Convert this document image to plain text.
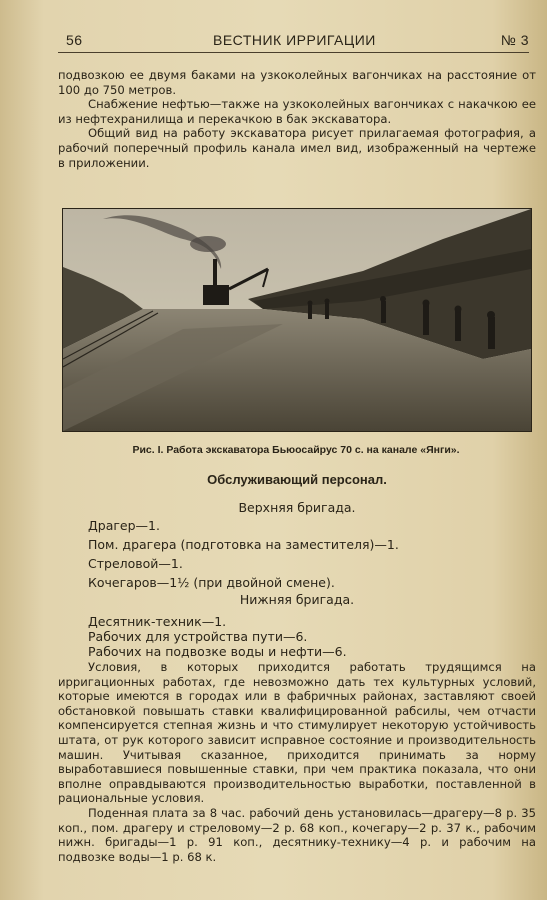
56	ВЕСТНИК ИРРИГАЦИИ	№ 3

подвозкою ее двумя баками на узкоколейных вагончиках на расстояние от 100 до 750 метров.

Снабжение нефтью—также на узкоколейных вагончиках с накачкою ее из нефтехранилища и перекачкою в бак экскаватора.

Общий вид на работу экскаватора рисует прилагаемая фотография, а рабочий поперечный профиль канала имел вид, изображенный на чертеже в приложении.

Рис. I. Работа экскаватора Бьюосайрус 70 с. на канале «Янги».
Обслуживающий персонал.
Верхняя бригада.

Драгер—1.

Пом. драгера (подготовка на заместителя)—1.

Стреловой—1.

Кочегаров—1½ (при двойной смене).

Нижняя бригада.

Десятник-техник—1.

Рабочих для устройства пути—6.

Рабочих на подвозке воды и нефти—6.

Условия, в которых приходится работать трудящимся на ирригационных работах, где невозможно дать тех культурных условий, которые имеются в городах или в фабричных районах, заставляют своей обстановкой повышать ставки квалифицированной рабсилы, чем отчасти компенсируется степная жизнь и что стимулирует некоторую устойчивость штата, от рук которого зависит исправное состояние и производительность машин. Учитывая сказанное, приходится принимать за норму выработавшиеся повышенные ставки, при чем практика показала, что они вполне оправдываются производительностью выработки, поставленной в рациональные условия.

Поденная плата за 8 час. рабочий день установилась—драгеру—8 р. 35 коп., пом. драгеру и стреловому—2 р. 68 коп., кочегару—2 р. 37 к., рабочим нижн. бригады—1 р. 91 коп., десятнику-технику—4 р. и рабочим на подвозке воды—1 р. 68 к.
